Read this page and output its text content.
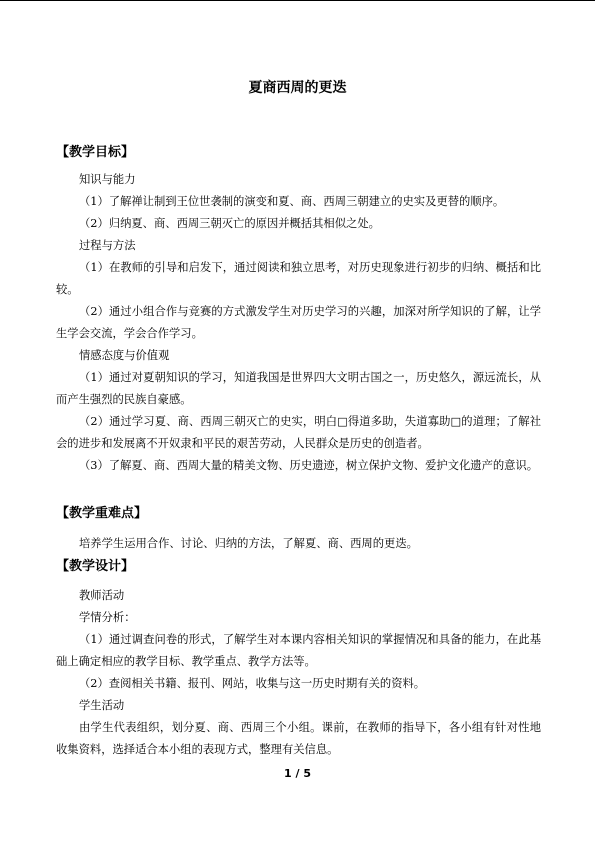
夏商西周的更迭
【教学目标】
知识与能力
（1）了解禅让制到王位世袭制的演变和夏、商、西周三朝建立的史实及更替的顺序。
（2）归纳夏、商、西周三朝灭亡的原因并概括其相似之处。
过程与方法
（1）在教师的引导和启发下，通过阅读和独立思考，对历史现象进行初步的归纳、概括和比较。
（2）通过小组合作与竞赛的方式激发学生对历史学习的兴趣，加深对所学知识的了解，让学生学会交流，学会合作学习。
情感态度与价值观
（1）通过对夏朝知识的学习，知道我国是世界四大文明古国之一，历史悠久，源远流长，从而产生强烈的民族自豪感。
（2）通过学习夏、商、西周三朝灭亡的史实，明白□得道多助，失道寡助□的道理；了解社会的进步和发展离不开奴隶和平民的艰苦劳动，人民群众是历史的创造者。
（3）了解夏、商、西周大量的精美文物、历史遗迹，树立保护文物、爱护文化遗产的意识。
【教学重难点】
培养学生运用合作、讨论、归纳的方法，了解夏、商、西周的更迭。
【教学设计】
教师活动
学情分析：
（1）通过调查问卷的形式，了解学生对本课内容相关知识的掌握情况和具备的能力，在此基础上确定相应的教学目标、教学重点、教学方法等。
（2）查阅相关书籍、报刊、网站，收集与这一历史时期有关的资料。
学生活动
由学生代表组织，划分夏、商、西周三个小组。课前，在教师的指导下，各小组有针对性地收集资料，选择适合本小组的表现方式，整理有关信息。
1 / 5
